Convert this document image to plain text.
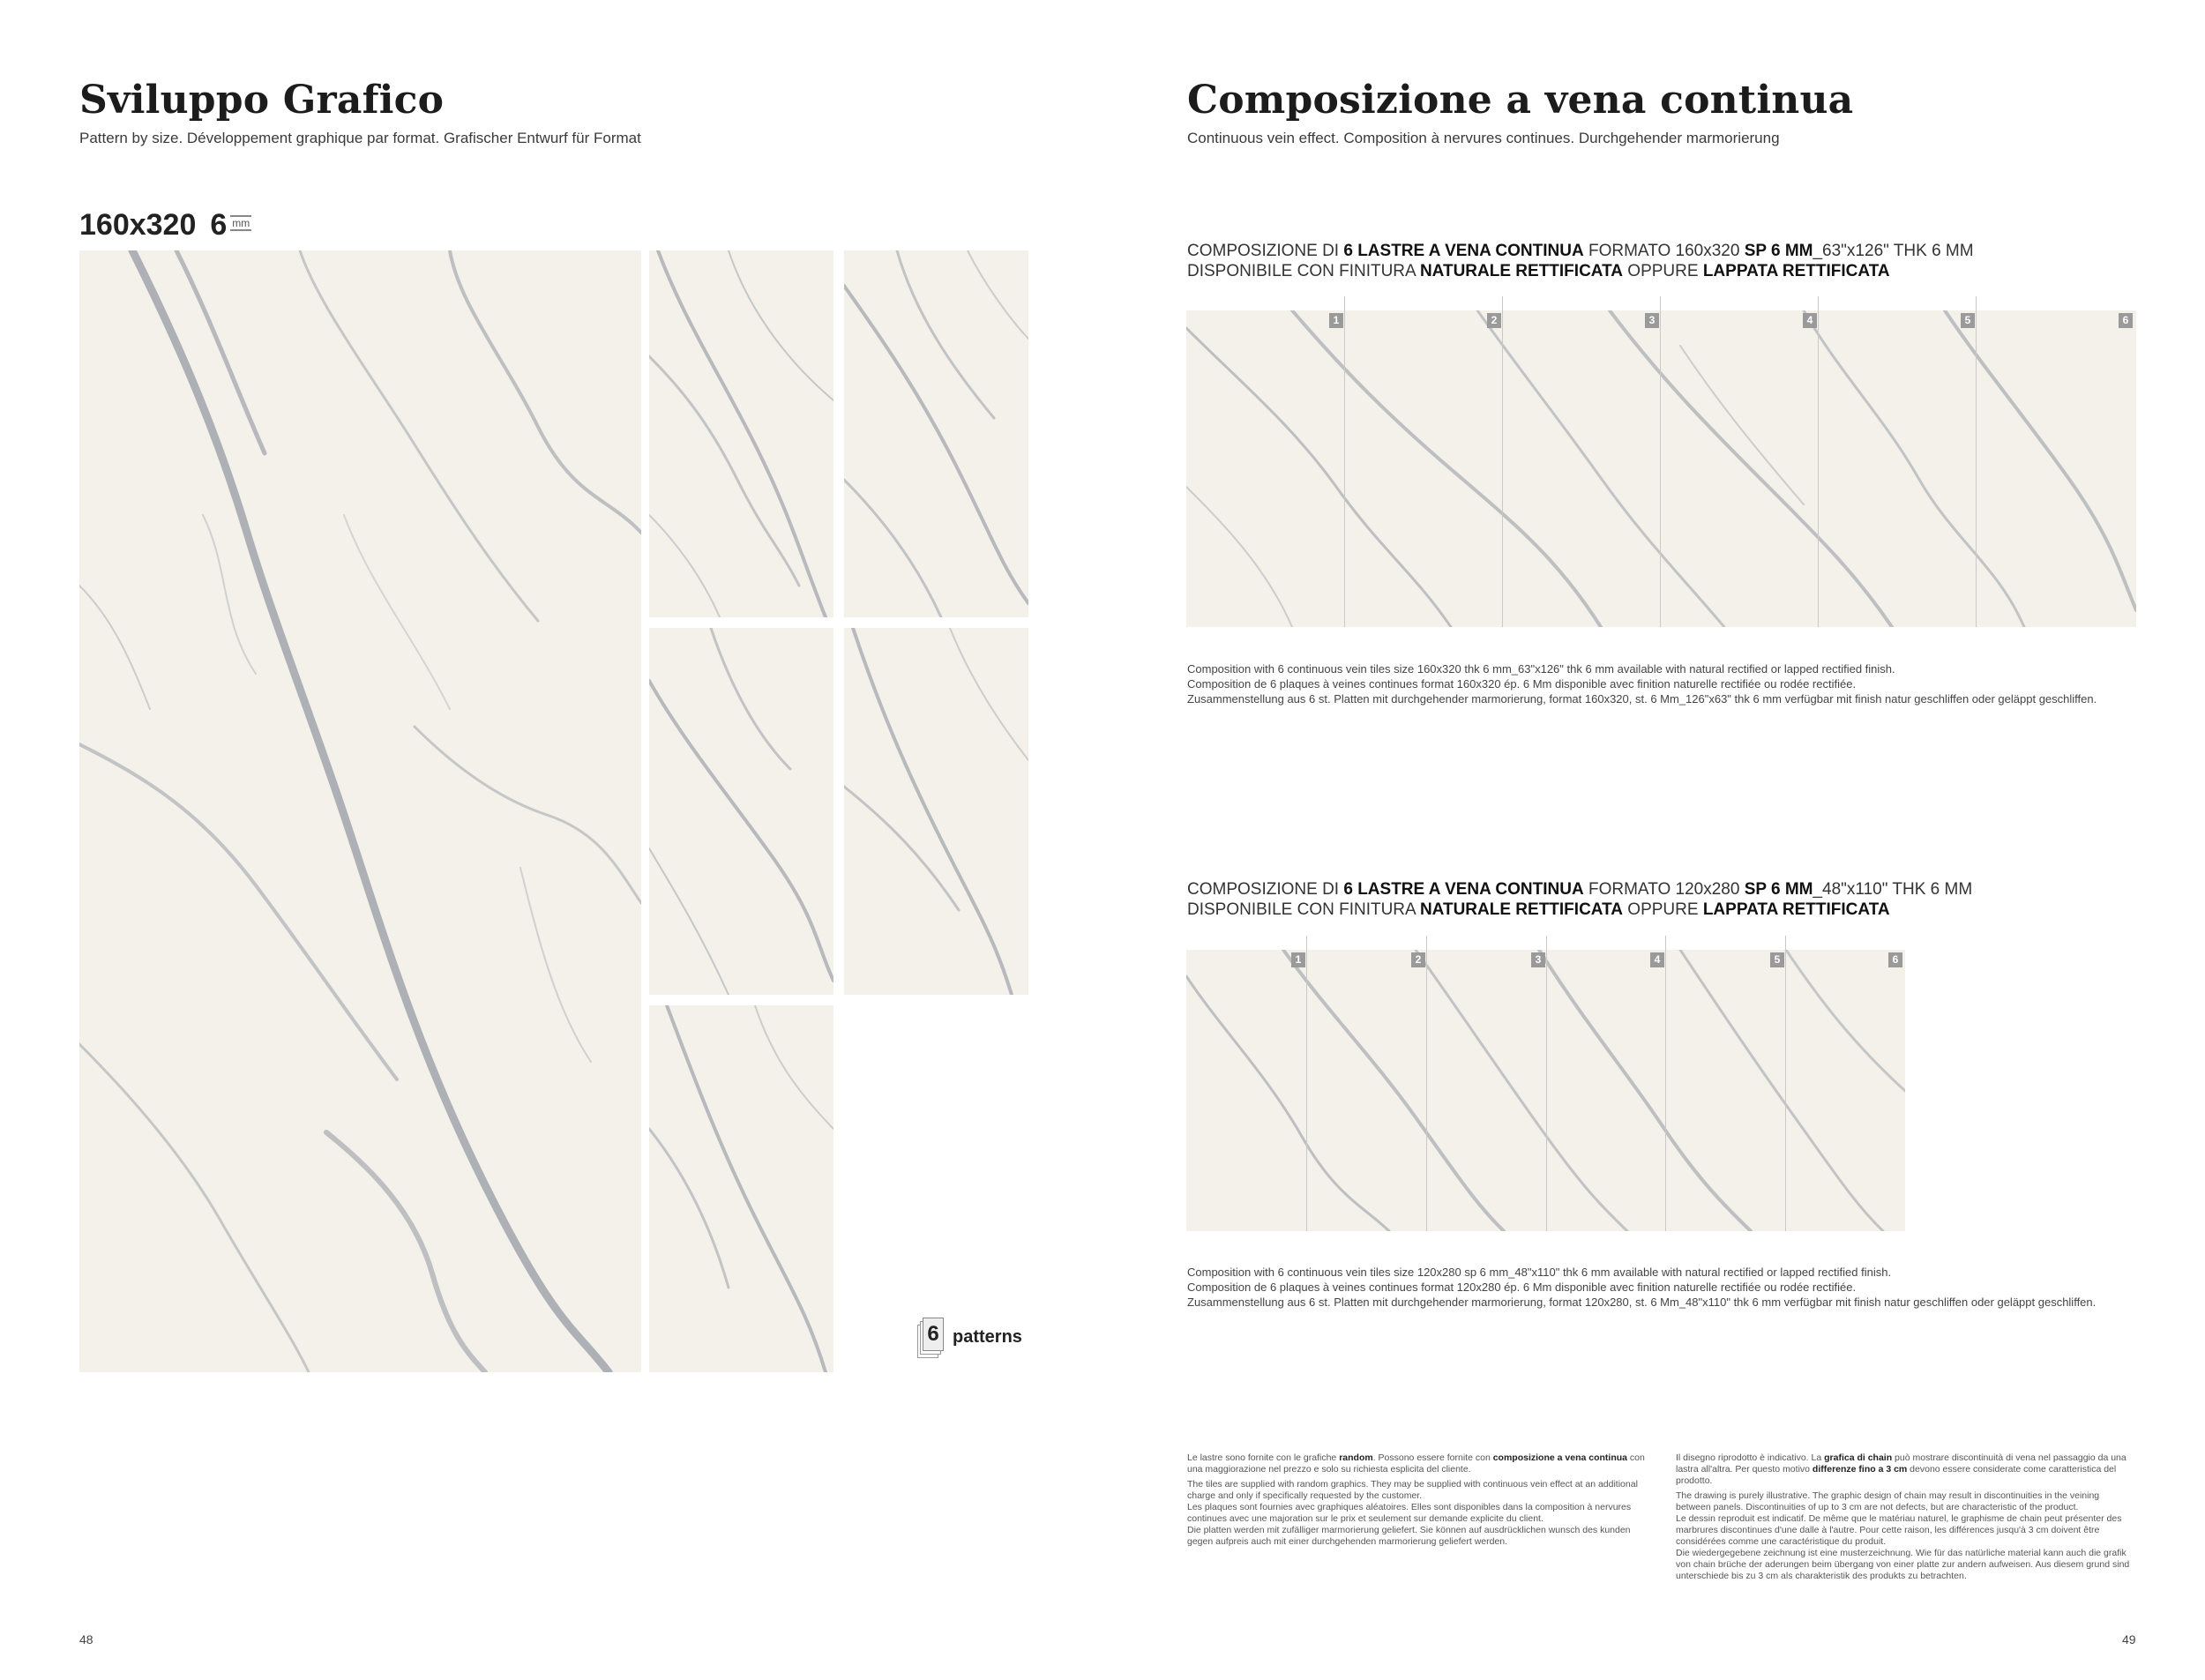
Sviluppo Grafico
Pattern by size. Développement graphique par format. Grafischer Entwurf für Format
160x320 6 mm
6 patterns
48
Composizione a vena continua
Continuous vein effect. Composition à nervures continues. Durchgehender marmorierung
COMPOSIZIONE DI 6 LASTRE A VENA CONTINUA FORMATO 160x320 SP 6 MM_63"x126" THK 6 MM
DISPONIBILE CON FINITURA NATURALE RETTIFICATA OPPURE LAPPATA RETTIFICATA
1	2	3	4	5	6
Composition with 6 continuous vein tiles size 160x320 thk 6 mm_63"x126" thk 6 mm available with natural rectified or lapped rectified finish.
Composition de 6 plaques à veines continues format 160x320 ép. 6 Mm disponible avec finition naturelle rectifiée ou rodée rectifiée.
Zusammenstellung aus 6 st. Platten mit durchgehender marmorierung, format 160x320, st. 6 Mm_126"x63" thk 6 mm verfügbar mit finish natur geschliffen oder geläppt geschliffen.
COMPOSIZIONE DI 6 LASTRE A VENA CONTINUA FORMATO 120x280 SP 6 MM_48"x110" THK 6 MM
DISPONIBILE CON FINITURA NATURALE RETTIFICATA OPPURE LAPPATA RETTIFICATA
1	2	3	4	5	6
Composition with 6 continuous vein tiles size 120x280 sp 6 mm_48"x110" thk 6 mm available with natural rectified or lapped rectified finish.
Composition de 6 plaques à veines continues format 120x280 ép. 6 Mm disponible avec finition naturelle rectifiée ou rodée rectifiée.
Zusammenstellung aus 6 st. Platten mit durchgehender marmorierung, format 120x280, st. 6 Mm_48"x110" thk 6 mm verfügbar mit finish natur geschliffen oder geläppt geschliffen.
Le lastre sono fornite con le grafiche random. Possono essere fornite con composizione a vena continua con una maggiorazione nel prezzo e solo su richiesta esplicita del cliente.
The tiles are supplied with random graphics. They may be supplied with continuous vein effect at an additional charge and only if specifically requested by the customer.
Les plaques sont fournies avec graphiques aléatoires. Elles sont disponibles dans la composition à nervures continues avec une majoration sur le prix et seulement sur demande explicite du client.
Die platten werden mit zufälliger marmorierung geliefert. Sie können auf ausdrücklichen wunsch des kunden gegen aufpreis auch mit einer durchgehenden marmorierung geliefert werden.
Il disegno riprodotto è indicativo. La grafica di chain può mostrare discontinuità di vena nel passaggio da una lastra all'altra. Per questo motivo differenze fino a 3 cm devono essere considerate come caratteristica del prodotto.
The drawing is purely illustrative. The graphic design of chain may result in discontinuities in the veining between panels. Discontinuities of up to 3 cm are not defects, but are characteristic of the product.
Le dessin reproduit est indicatif. De même que le matériau naturel, le graphisme de chain peut présenter des marbrures discontinues d'une dalle à l'autre. Pour cette raison, les différences jusqu'à 3 cm doivent être considérées comme une caractéristique du produit.
Die wiedergegebene zeichnung ist eine musterzeichnung. Wie für das natürliche material kann auch die grafik von chain brüche der aderungen beim übergang von einer platte zur andern aufweisen. Aus diesem grund sind unterschiede bis zu 3 cm als charakteristik des produkts zu betrachten.
49
